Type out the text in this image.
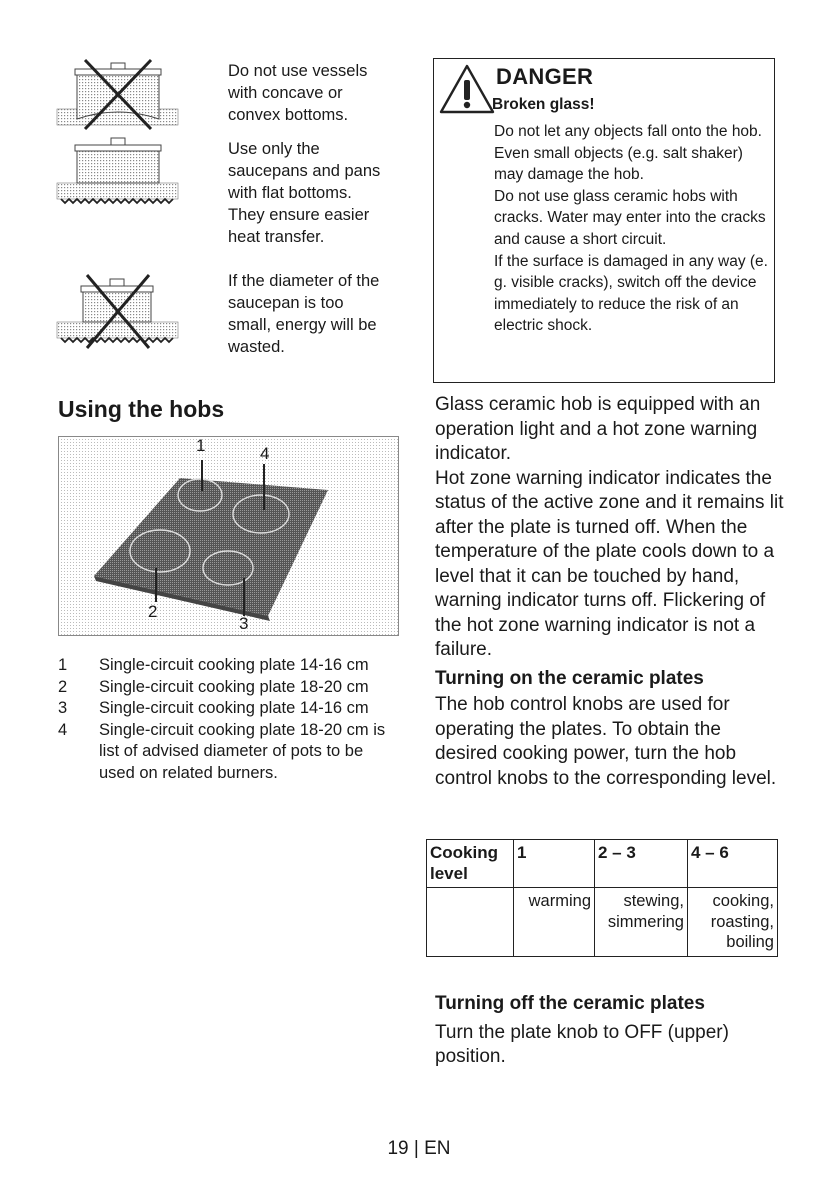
Do not use vessels with concave or convex bottoms.

Use only the saucepans and pans with flat bottoms. They ensure easier heat transfer.

If the diameter of the saucepan is too small, energy will be wasted.

Using the hobs
1	4
2
3
1	Single-circuit cooking plate 14-16 cm
2	Single-circuit cooking plate 18-20 cm
3	Single-circuit cooking plate 14-16 cm
4	Single-circuit cooking plate 18-20 cm is list of advised diameter of pots to be used on related burners.
DANGER
Broken glass!

Do not let any objects fall onto the hob. Even small objects (e.g. salt shaker) may damage the hob.

Do not use glass ceramic hobs with cracks. Water may enter into the cracks and cause a short circuit.

If the surface is damaged in any way (e. g. visible cracks), switch off the device immediately to reduce the risk of an electric shock.

Glass ceramic hob is equipped with an operation light and a hot zone warning indicator.
Hot zone warning indicator indicates the status of the active zone and it remains lit after the plate is turned off. When the temperature of the plate cools down to a level that it can be touched by hand, warning indicator turns off. Flickering of the hot zone warning indicator is not a failure.
Turning on the ceramic plates
The hob control knobs are used for operating the plates. To obtain the desired cooking power, turn the hob control knobs to the corresponding level.
Cooking level	1	2 – 3	4 – 6
	warming	stewing, simmering	cooking, roasting, boiling
Turning off the ceramic plates
Turn the plate knob to OFF (upper) position.
19 | EN
